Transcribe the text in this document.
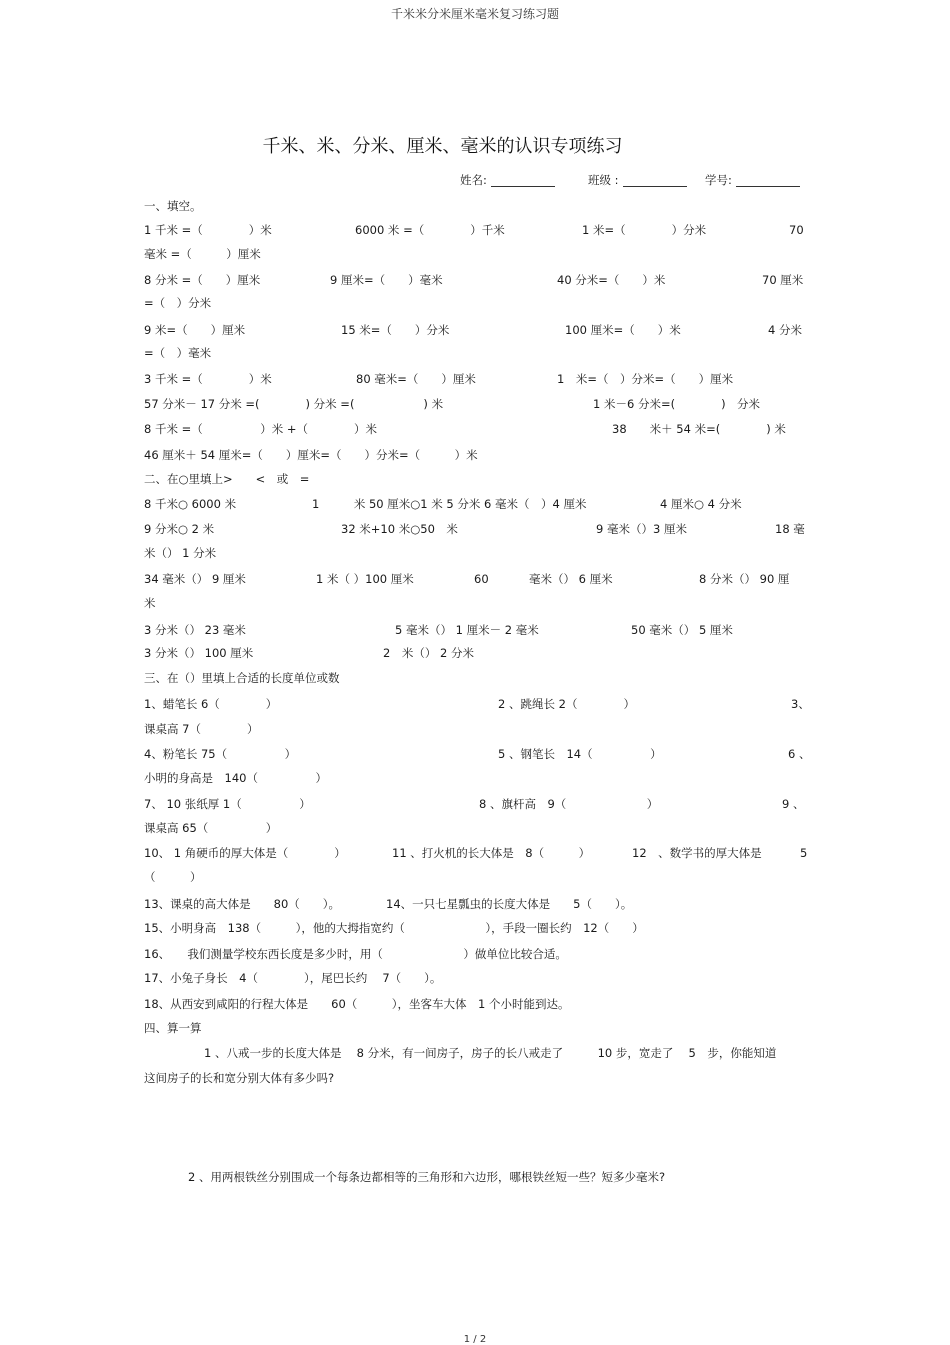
千米米分米厘米毫米复习练习题
千米、米、分米、厘米、毫米的认识专项练习
姓名:	班级 :	学号:
一、填空。
1 千米 =（　　　　）米	6000 米 =（　　　　）千米	1 米=（　　　　）分米	70
毫米 =（　　　）厘米
8 分米 =（　　）厘米	9 厘米=（　　）毫米	40 分米=（　　）米	70 厘米
=（　）分米
9 米=（　　）厘米	15 米=（　　）分米	100 厘米=（　　）米	4 分米
=（　）毫米
3 千米 =（　　　　）米	80 毫米=（　　）厘米	1　米=（　）分米=（　　）厘米
57 分米－ 17 分米 =(　　　　) 分米 =(　　　　　　) 米	1 米－6 分米=(　　　　)　分米
8 千米 =（　　　　　）米 +（　　　　）米	38　　米＋ 54 米=(　　　　) 米
46 厘米＋ 54 厘米=（　　）厘米=（　　）分米=（　　　）米
二、在○里填上>　　<　或　=
8 千米○ 6000 米	1　　　米 50 厘米○1 米 5 分米 6 毫米（　）4 厘米	4 厘米○ 4 分米
9 分米○ 2 米	32 米+10 米○50　米	9 毫米（）3 厘米	18 毫
米（） 1 分米
34 毫米（） 9 厘米	1 米（ ）100 厘米	60	毫米（） 6 厘米	8 分米（） 90 厘
米
3 分米（） 23 毫米	5 毫米（） 1 厘米－ 2 毫米	50 毫米（） 5 厘米
3 分米（） 100 厘米	2　米（） 2 分米
三、在（）里填上合适的长度单位或数
1、蜡笔长 6（　　　　）	2 、跳绳长 2（　　　　）	3、
课桌高 7（　　　　）
4、粉笔长 75（　　　　　）	5 、钢笔长　14（　　　　　）	6 、
小明的身高是　140（　　　　　）
7、 10 张纸厚 1（　　　　　）	8 、旗杆高　9（　　　　　　　）	9 、
课桌高 65（　　　　　）
10、 1 角硬币的厚大体是（　　　　）	11 、打火机的长大体是　8（　　　）	12　、数学书的厚大体是	5
（　　　）
13、课桌的高大体是　　80（　　）。	14、一只七星瓢虫的长度大体是　　5（　　）。
15、小明身高　138（　　　），他的大拇指宽约（　　　　　　　），手段一圈长约　12（　　）
16、　　我们测量学校东西长度是多少时，用（　　　　　　　）做单位比较合适。
17、小兔子身长　4（　　　　），尾巴长约　 7（　　）。
18、从西安到咸阳的行程大体是　　60（　　　），坐客车大体　1 个小时能到达。
四、算一算
1 、八戒一步的长度大体是　 8 分米，有一间房子，房子的长八戒走了　　　10 步，宽走了　 5　步，你能知道
这间房子的长和宽分别大体有多少吗?
2 、用两根铁丝分别围成一个每条边都相等的三角形和六边形，哪根铁丝短一些？短多少毫米?
1 / 2
